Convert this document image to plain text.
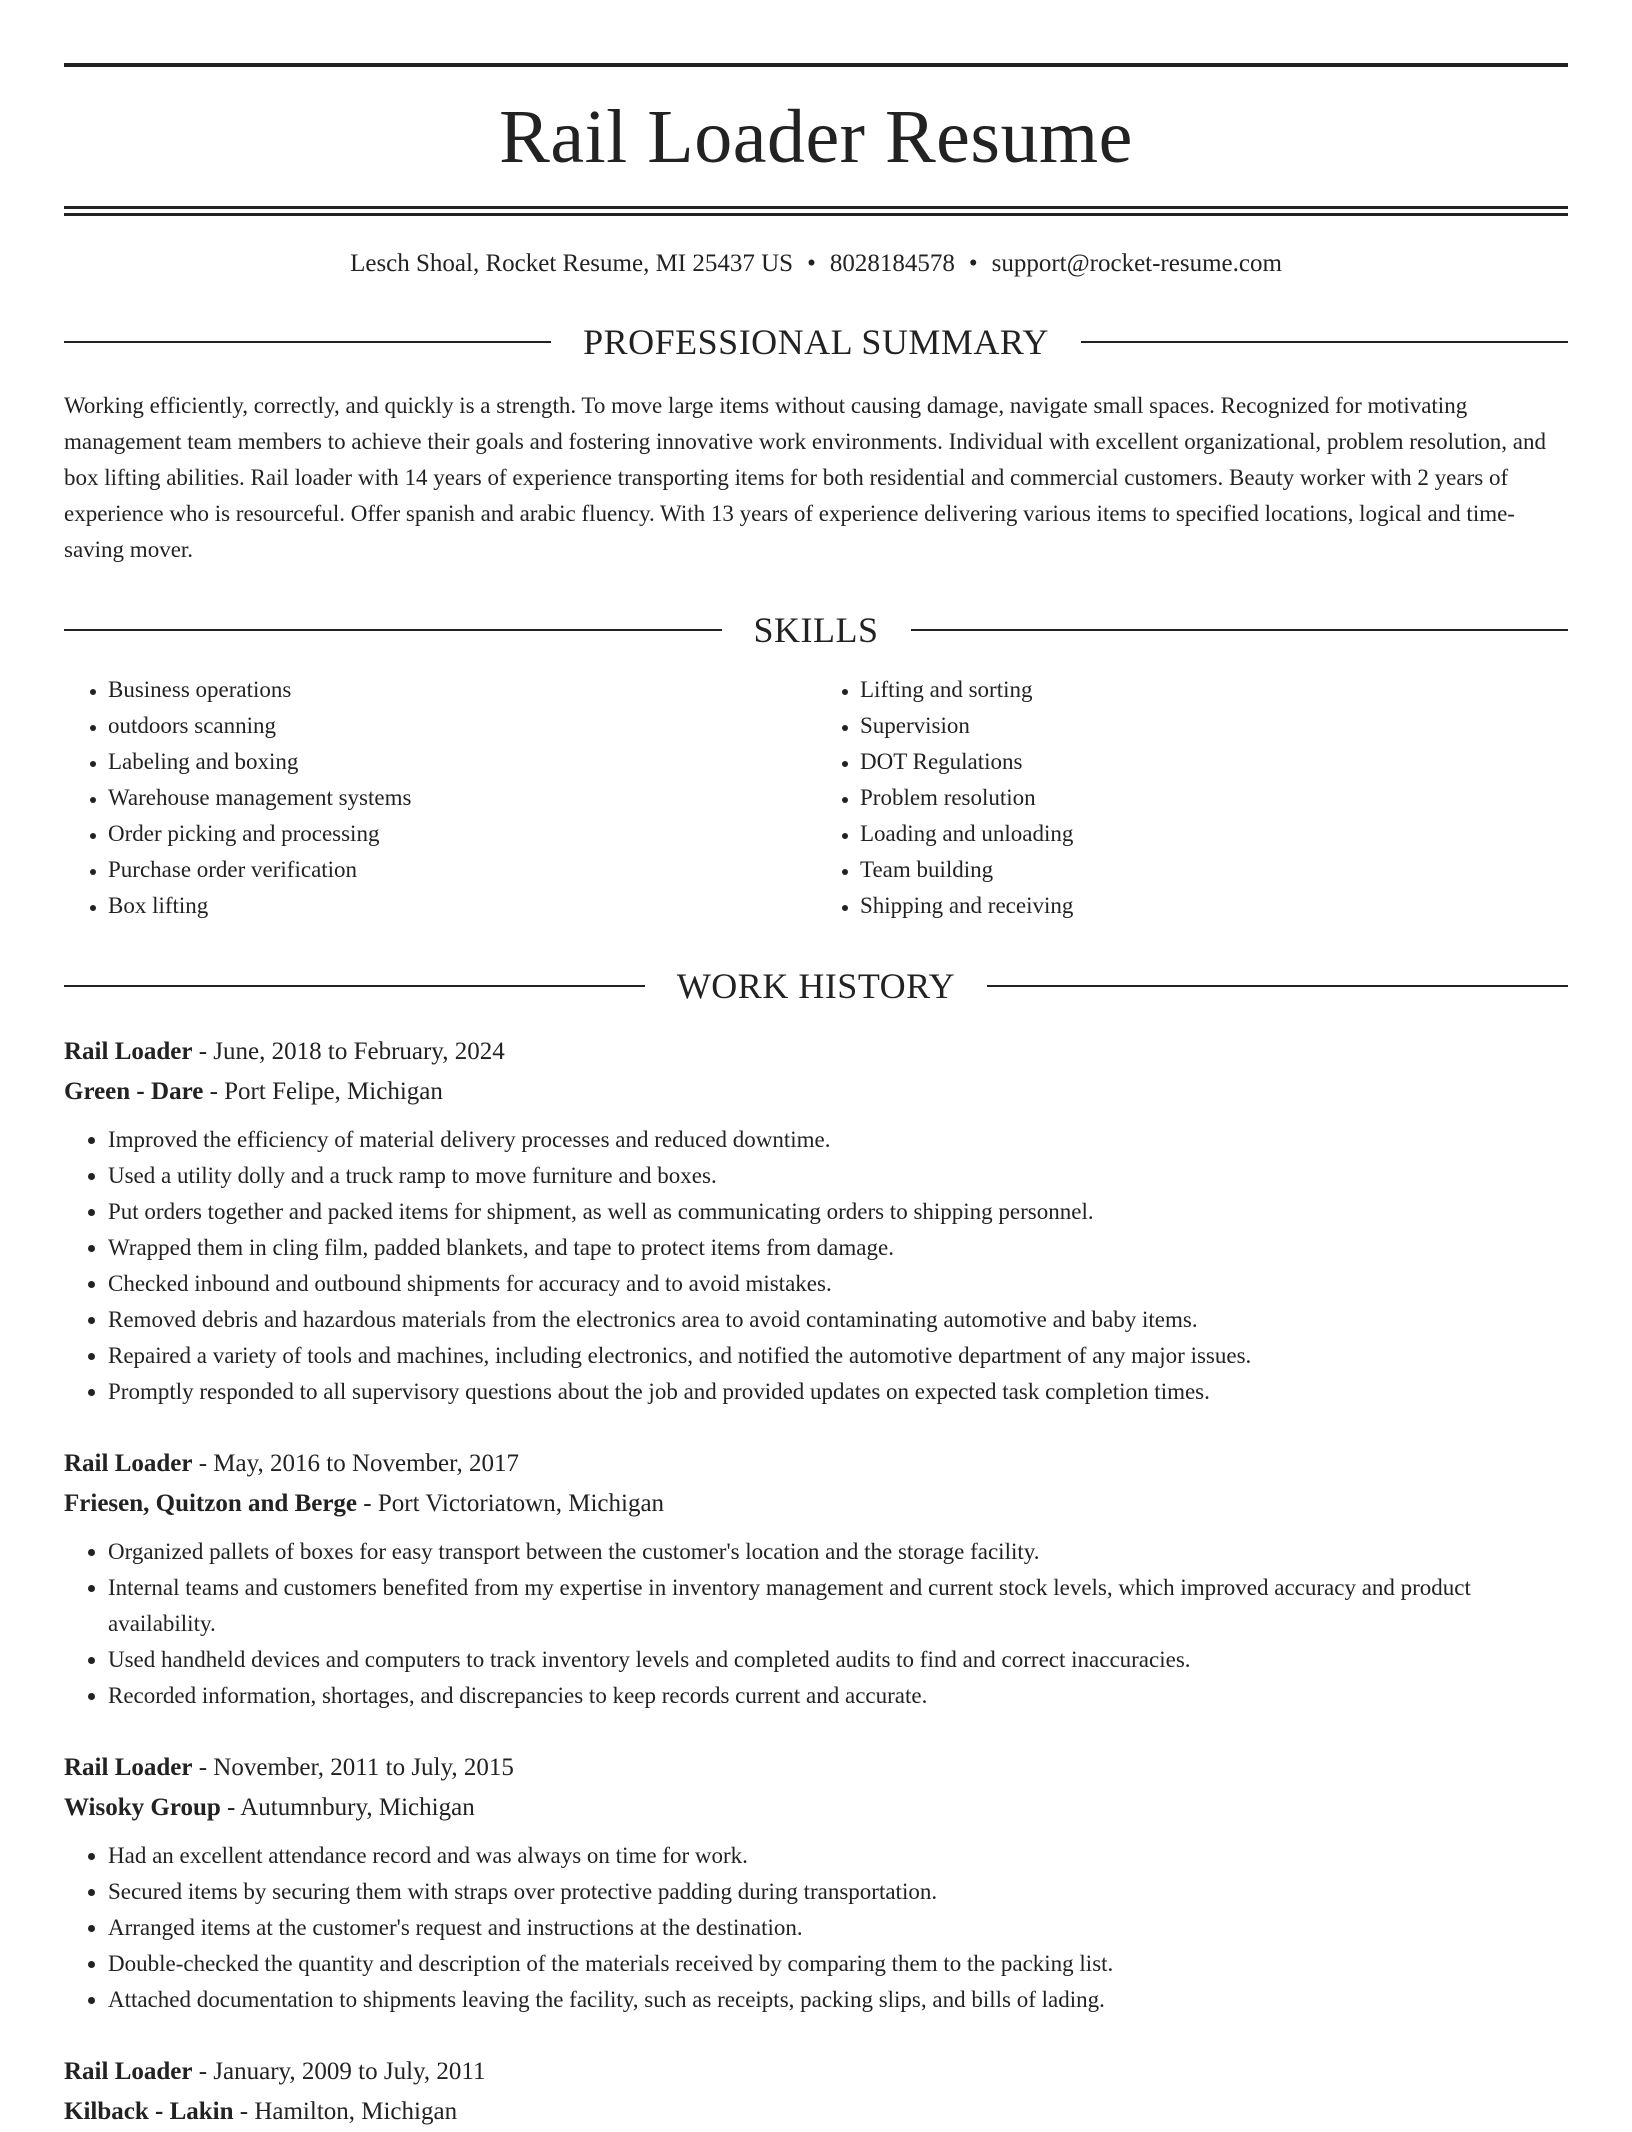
Rail Loader Resume
Lesch Shoal, Rocket Resume, MI 25437 US • 8028184578 • support@rocket-resume.com
PROFESSIONAL SUMMARY

Working efficiently, correctly, and quickly is a strength. To move large items without causing damage, navigate small spaces. Recognized for motivating management team members to achieve their goals and fostering innovative work environments. Individual with excellent organizational, problem resolution, and box lifting abilities. Rail loader with 14 years of experience transporting items for both residential and commercial customers. Beauty worker with 2 years of experience who is resourceful. Offer spanish and arabic fluency. With 13 years of experience delivering various items to specified locations, logical and time-saving mover.

SKILLS
• Business operations
• outdoors scanning
• Labeling and boxing
• Warehouse management systems
• Order picking and processing
• Purchase order verification
• Box lifting
• Lifting and sorting
• Supervision
• DOT Regulations
• Problem resolution
• Loading and unloading
• Team building
• Shipping and receiving
WORK HISTORY
Rail Loader - June, 2018 to February, 2024
Green - Dare - Port Felipe, Michigan
• Improved the efficiency of material delivery processes and reduced downtime.
• Used a utility dolly and a truck ramp to move furniture and boxes.
• Put orders together and packed items for shipment, as well as communicating orders to shipping personnel.
• Wrapped them in cling film, padded blankets, and tape to protect items from damage.
• Checked inbound and outbound shipments for accuracy and to avoid mistakes.
• Removed debris and hazardous materials from the electronics area to avoid contaminating automotive and baby items.
• Repaired a variety of tools and machines, including electronics, and notified the automotive department of any major issues.
• Promptly responded to all supervisory questions about the job and provided updates on expected task completion times.
Rail Loader - May, 2016 to November, 2017
Friesen, Quitzon and Berge - Port Victoriatown, Michigan
• Organized pallets of boxes for easy transport between the customer's location and the storage facility.
• Internal teams and customers benefited from my expertise in inventory management and current stock levels, which improved accuracy and product availability.
• Used handheld devices and computers to track inventory levels and completed audits to find and correct inaccuracies.
• Recorded information, shortages, and discrepancies to keep records current and accurate.
Rail Loader - November, 2011 to July, 2015
Wisoky Group - Autumnbury, Michigan
• Had an excellent attendance record and was always on time for work.
• Secured items by securing them with straps over protective padding during transportation.
• Arranged items at the customer's request and instructions at the destination.
• Double-checked the quantity and description of the materials received by comparing them to the packing list.
• Attached documentation to shipments leaving the facility, such as receipts, packing slips, and bills of lading.
Rail Loader - January, 2009 to July, 2011
Kilback - Lakin - Hamilton, Michigan
